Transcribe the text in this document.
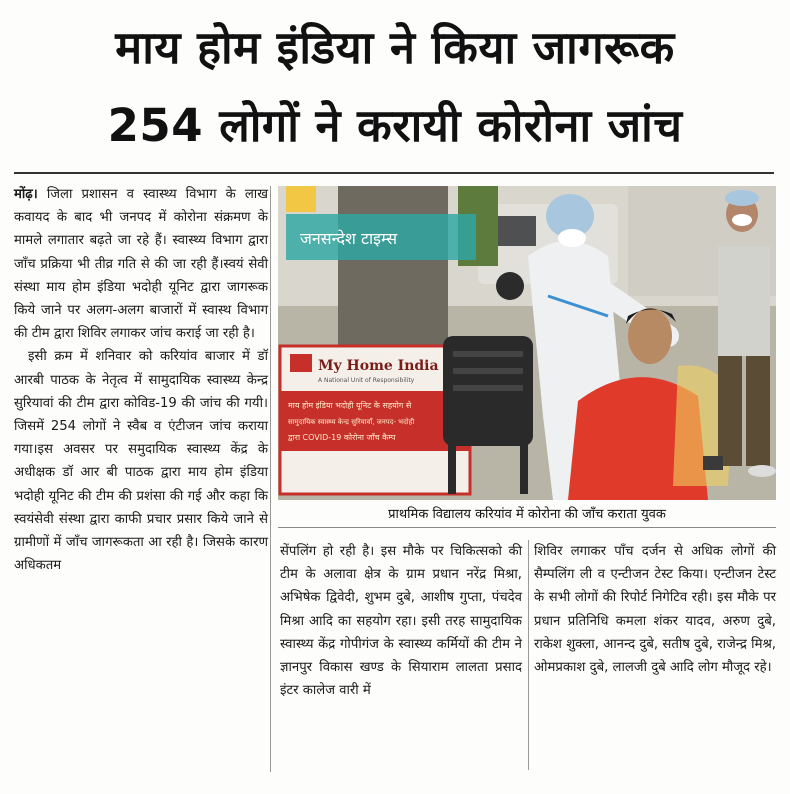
माय होम इंडिया ने किया जागरूक
254 लोगों ने करायी कोरोना जांच

मोंढ़। जिला प्रशासन व स्वास्थ्य विभाग के लाख कवायद के बाद भी जनपद में कोरोना संक्रमण के मामले लगातार बढ़ते जा रहे हैं। स्वास्थ्य विभाग द्वारा जाँच प्रक्रिया भी तीव्र गति से की जा रही हैं।स्वयं सेवी संस्था माय होम इंडिया भदोही यूनिट द्वारा जागरूक किये जाने पर अलग-अलग बाजारों में स्वास्थ विभाग की टीम द्वारा शिविर लगाकर जांच कराई जा रही है।

इसी क्रम में शनिवार को करियांव बाजार में डॉ आरबी पाठक के नेतृत्व में सामुदायिक स्वास्थ्य केन्द्र सुरियावां की टीम द्वारा कोविड-19 की जांच की गयी।जिसमें 254 लोगों ने स्वैब व एंटीजन जांच कराया गया।इस अवसर पर समुदायिक स्वास्थ्य केंद्र के अधीक्षक डॉ आर बी पाठक द्वारा माय होम इंडिया भदोही यूनिट की टीम की प्रशंसा की गई और कहा कि स्वयंसेवी संस्था द्वारा काफी प्रचार प्रसार किये जाने से ग्रामीणों में जाँच जागरूकता आ रही है। जिसके कारण अधिकतम

जनसन्देश टाइम्स
My Home India
A National Unit of Responsibility
माय होम इंडिया भदोही यूनिट के सहयोग से
सामुदायिक स्वास्थ्य केन्द्र सुरियावाँ, जनपद- भदोही
द्वारा COVID-19 कोरोना जाँच कैम्प
प्राथमिक विद्यालय करियांव में कोरोना की जाँच कराता युवक

सेंपलिंग हो रही है। इस मौके पर चिकित्सको की टीम के अलावा क्षेत्र के ग्राम प्रधान नरेंद्र मिश्रा, अभिषेक द्विवेदी, शुभम दुबे, आशीष गुप्ता, पंचदेव मिश्रा आदि का सहयोग रहा। इसी तरह सामुदायिक स्वास्थ्य केंद्र गोपीगंज के स्वास्थ्य कर्मियों की टीम ने ज्ञानपुर विकास खण्ड के सियाराम लालता प्रसाद इंटर कालेज वारी में

शिविर लगाकर पाँच दर्जन से अधिक लोगों की सैम्पलिंग ली व एन्टीजन टेस्ट किया। एन्टीजन टेस्ट के सभी लोगों की रिपोर्ट निगेटिव रही। इस मौके पर प्रधान प्रतिनिधि कमला शंकर यादव, अरुण दुबे, राकेश शुक्ला, आनन्द दुबे, सतीष दुबे, राजेन्द्र मिश्र, ओमप्रकाश दुबे, लालजी दुबे आदि लोग मौजूद रहे।
